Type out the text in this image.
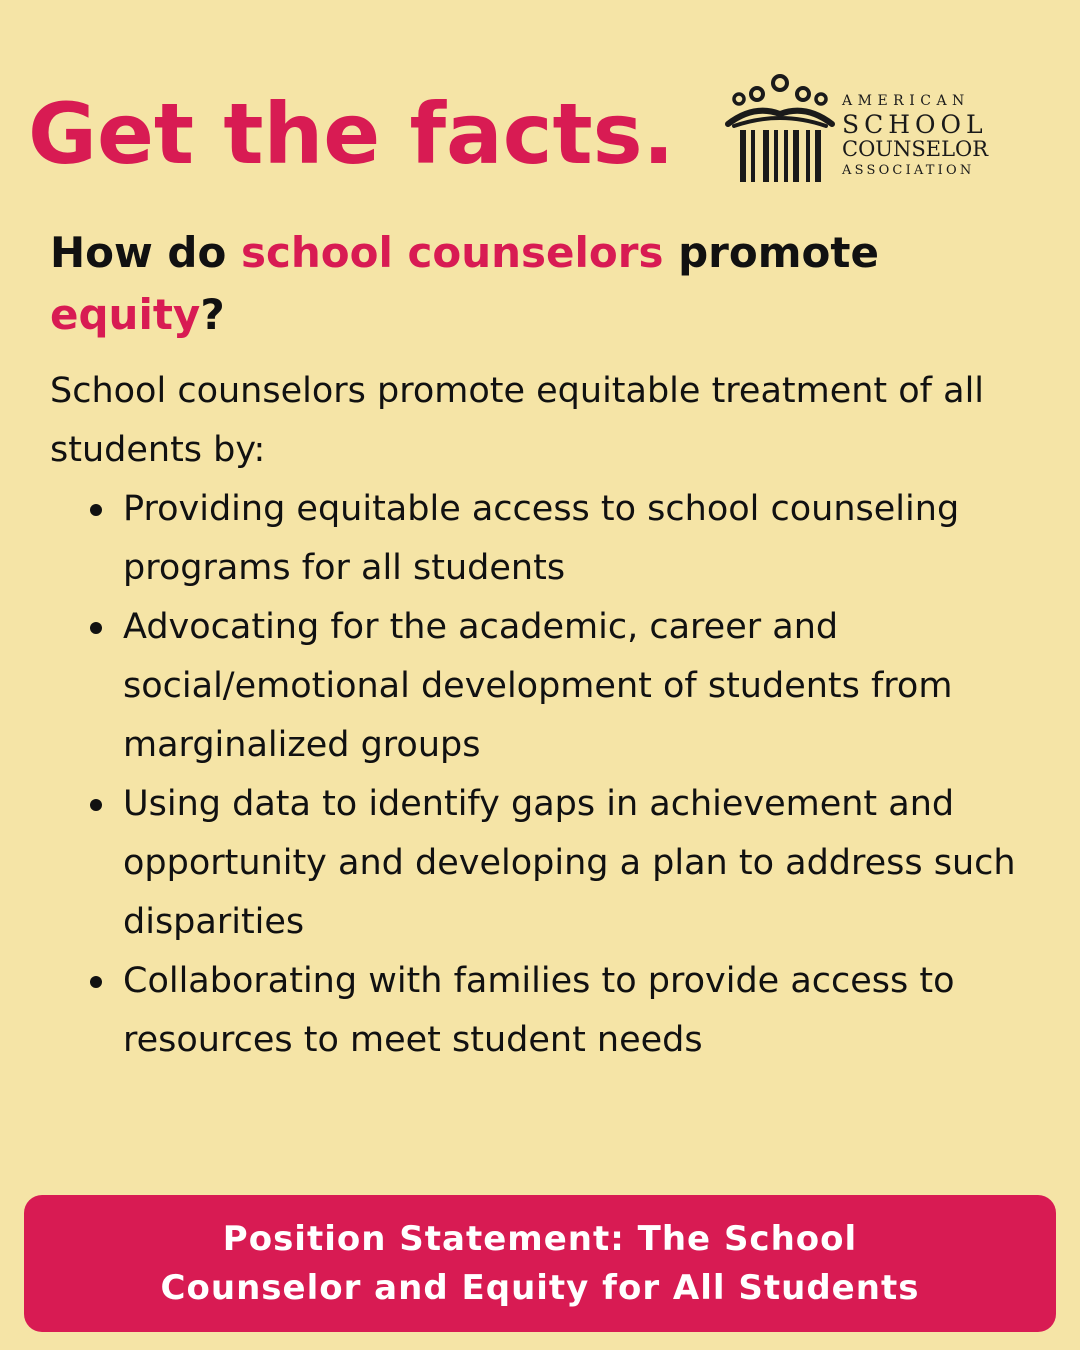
Get the facts.	AMERICAN
SCHOOL
COUNSELOR
ASSOCIATION
How do school counselors promote
equity?

School counselors promote equitable treatment of all students by:

Providing equitable access to school counseling programs for all students
Advocating for the academic, career and social/emotional development of students from marginalized groups
Using data to identify gaps in achievement and opportunity and developing a plan to address such disparities
Collaborating with families to provide access to resources to meet student needs
Position Statement: The School
Counselor and Equity for All Students
